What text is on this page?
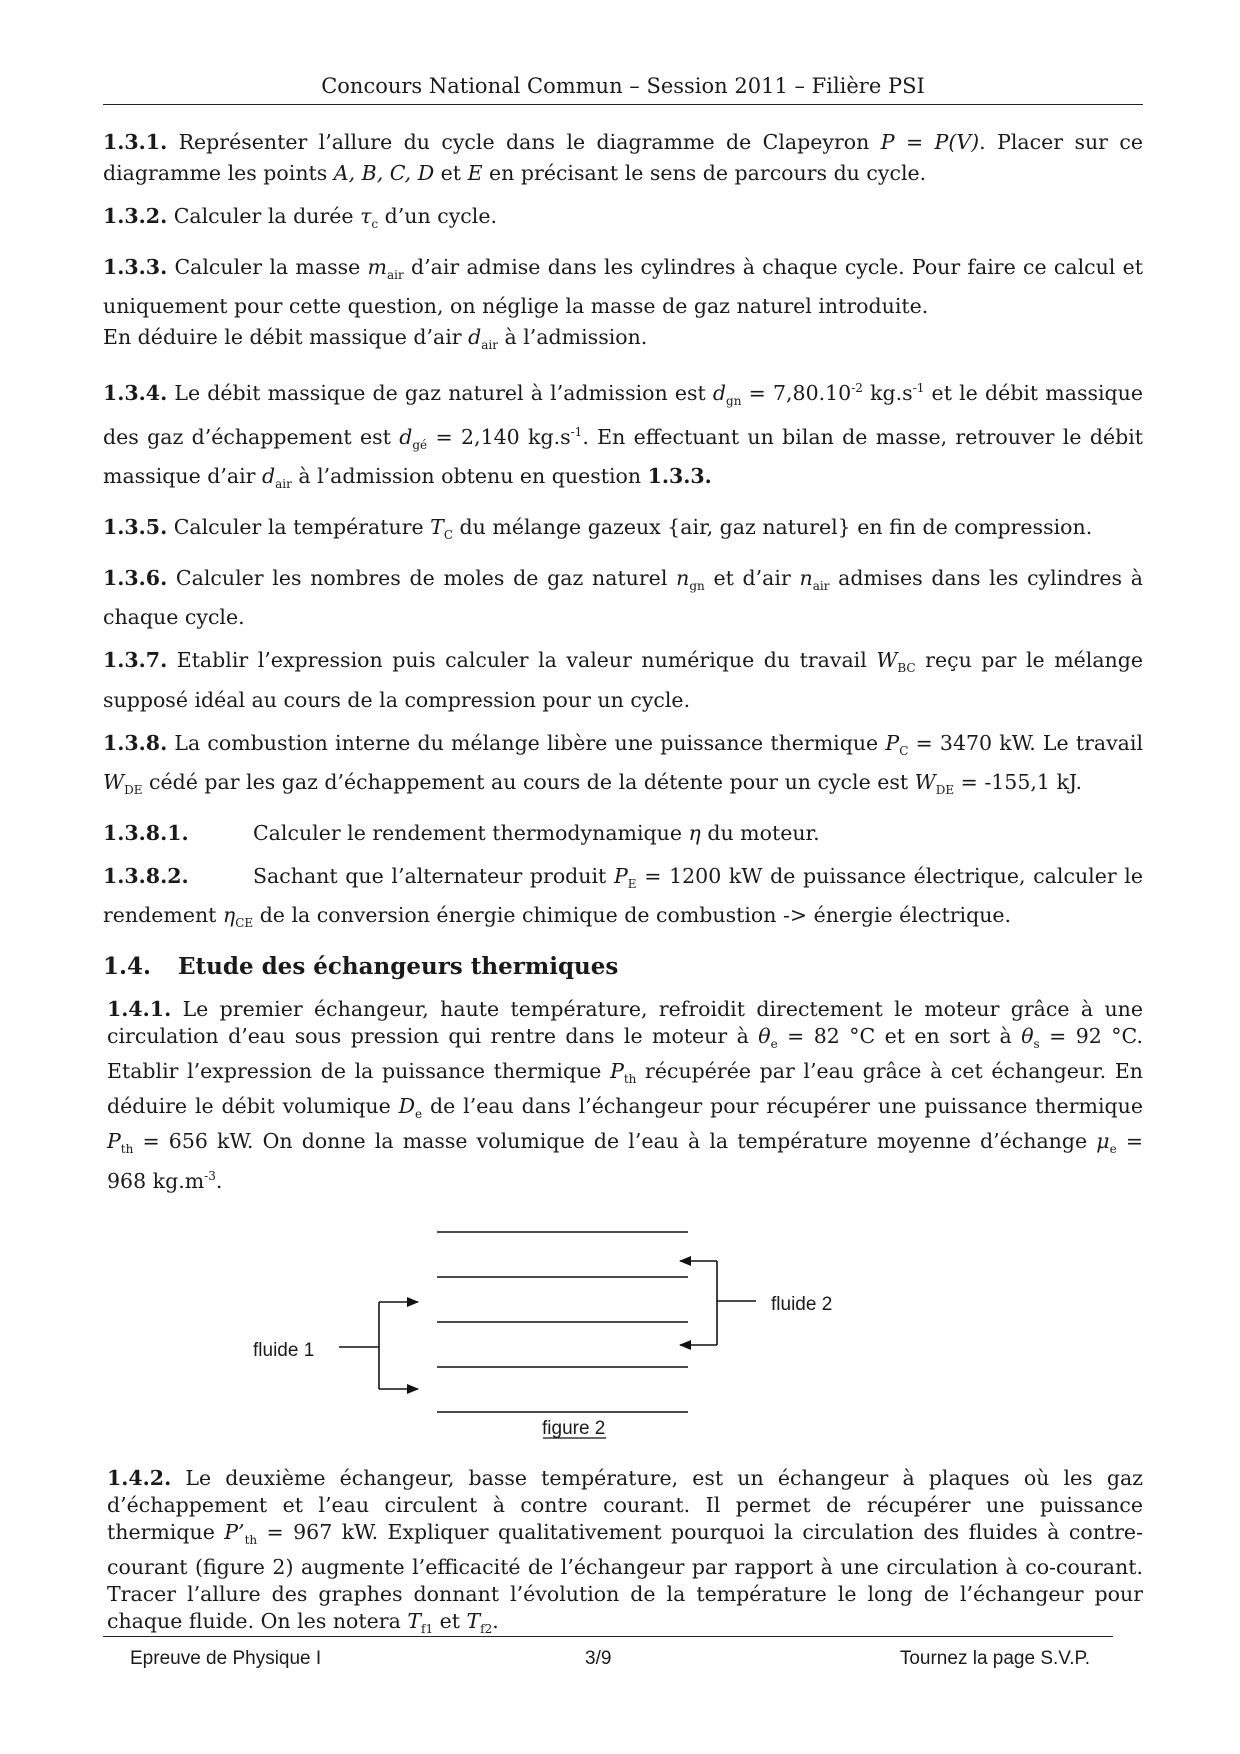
Concours National Commun – Session 2011 – Filière PSI

1.3.1. Représenter l’allure du cycle dans le diagramme de Clapeyron P = P(V). Placer sur ce diagramme les points A, B, C, D et E en précisant le sens de parcours du cycle.

1.3.2. Calculer la durée $\tau_c$ d’un cycle.

1.3.3. Calculer la masse $m_{air}$ d’air admise dans les cylindres à chaque cycle. Pour faire ce calcul et uniquement pour cette question, on néglige la masse de gaz naturel introduite.
En déduire le débit massique d’air $d_{air}$ à l’admission.

1.3.4. Le débit massique de gaz naturel à l’admission est $d_{gn} = 7,80.10^{-2}$ $kg.s^{-1}$ et le débit massique des gaz d’échappement est $d_{gé} = 2,140$ $kg.s^{-1}$. En effectuant un bilan de masse, retrouver le débit massique d’air $d_{air}$ à l’admission obtenu en question 1.3.3.

1.3.5. Calculer la température $T_C$ du mélange gazeux {air, gaz naturel} en fin de compression.

1.3.6. Calculer les nombres de moles de gaz naturel $n_{gn}$ et d’air $n_{air}$ admises dans les cylindres à chaque cycle.

1.3.7. Etablir l’expression puis calculer la valeur numérique du travail $W_{BC}$ reçu par le mélange supposé idéal au cours de la compression pour un cycle.

1.3.8. La combustion interne du mélange libère une puissance thermique $P_C = 3470$ kW. Le travail $W_{DE}$ cédé par les gaz d’échappement au cours de la détente pour un cycle est $W_{DE} = -155,1$ kJ.

1.3.8.1.	Calculer le rendement thermodynamique η du moteur.

1.3.8.2.	Sachant que l’alternateur produit $P_E = 1200$ kW de puissance électrique, calculer le rendement $\eta_{CE}$ de la conversion énergie chimique de combustion -> énergie électrique.

1.4. Etude des échangeurs thermiques

1.4.1. Le premier échangeur, haute température, refroidit directement le moteur grâce à une circulation d’eau sous pression qui rentre dans le moteur à $\theta_e = 82$ °C et en sort à $\theta_s = 92$ °C. Etablir l’expression de la puissance thermique $P_{th}$ récupérée par l’eau grâce à cet échangeur. En déduire le débit volumique $D_e$ de l’eau dans l’échangeur pour récupérer une puissance thermique $P_{th} = 656$ kW. On donne la masse volumique de l’eau à la température moyenne d’échange $\mu_e = 968$ $kg.m^{-3}$.

fluide 1
fluide 2
figure 2

1.4.2. Le deuxième échangeur, basse température, est un échangeur à plaques où les gaz d’échappement et l’eau circulent à contre courant. Il permet de récupérer une puissance thermique $P’_{th} = 967$ kW. Expliquer qualitativement pourquoi la circulation des fluides à contre-courant (figure 2) augmente l’efficacité de l’échangeur par rapport à une circulation à co-courant. Tracer l’allure des graphes donnant l’évolution de la température le long de l’échangeur pour chaque fluide. On les notera $T_{f1}$ et $T_{f2}$.

Epreuve de Physique I	3/9	Tournez la page S.V.P.
